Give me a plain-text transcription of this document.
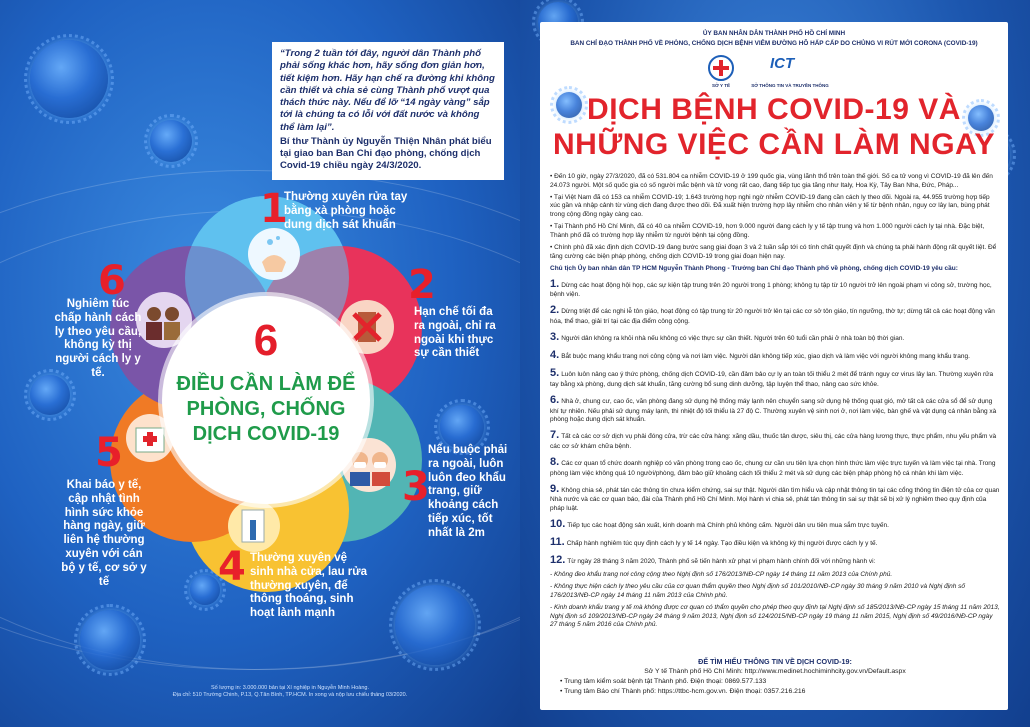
“Trong 2 tuần tới đây, người dân Thành phố phải sống khác hơn, hãy sống đơn giản hơn, tiết kiệm hơn. Hãy hạn chế ra đường khi không cần thiết và chia sẻ cùng Thành phố vượt qua thách thức này. Nếu để lỡ “14 ngày vàng” sắp tới là chúng ta có lỗi với đất nước và không thể làm lại”.
Bí thư Thành ủy Nguyễn Thiện Nhân phát biểu tại giao ban Ban Chỉ đạo phòng, chống dịch Covid-19 chiều ngày 24/3/2020.
6
ĐIỀU CẦN LÀM ĐỂ PHÒNG, CHỐNG DỊCH COVID-19
1
Thường xuyên rửa tay bằng xà phòng hoặc dung dịch sát khuẩn
2
Hạn chế tối đa ra ngoài, chỉ ra ngoài khi thực sự cần thiết
3
Nếu buộc phải ra ngoài, luôn luôn đeo khẩu trang, giữ khoảng cách tiếp xúc, tốt nhất là 2m
4 Thường xuyên vệ sinh nhà cửa, lau rửa thường xuyên, để thông thoáng, sinh hoạt lành mạnh
5
Khai báo y tế, cập nhật tình hình sức khỏe hàng ngày, giữ liên hệ thường xuyên với cán bộ y tế, cơ sở y tế
6
Nghiêm túc chấp hành cách ly theo yêu cầu, không kỳ thị người cách ly y tế.
Số lượng in: 3.000.000 bản tại Xí nghiệp in Nguyễn Minh Hoàng.
Địa chỉ: 510 Trường Chinh, P.13, Q.Tân Bình, TP.HCM. In xong và nộp lưu chiểu tháng 03/2020.
ỦY BAN NHÂN DÂN THÀNH PHỐ HỒ CHÍ MINH
BAN CHỈ ĐẠO THÀNH PHỐ VỀ PHÒNG, CHỐNG DỊCH BỆNH VIÊM ĐƯỜNG HÔ HẤP CẤP DO CHỦNG VI RÚT MỚI CORONA (COVID-19)
SỞ Y TẾ
ICT
SỞ THÔNG TIN VÀ TRUYỀN THÔNG
DỊCH BỆNH COVID-19 VÀ
NHỮNG VIỆC CẦN LÀM NGAY

• Đến 10 giờ, ngày 27/3/2020, đã có 531.804 ca nhiễm COVID-19 ở 199 quốc gia, vùng lãnh thổ trên toàn thế giới. Số ca tử vong vì COVID-19 đã lên đến 24.073 người. Một số quốc gia có số người mắc bệnh và tử vong rất cao, đang tiếp tục gia tăng như Italy, Hoa Kỳ, Tây Ban Nha, Đức, Pháp...

• Tại Việt Nam đã có 153 ca nhiễm COVID-19; 1.643 trường hợp nghi ngờ nhiễm COVID-19 đang cần cách ly theo dõi. Ngoài ra, 44.955 trường hợp tiếp xúc gần và nhập cảnh từ vùng dịch đang được theo dõi. Đã xuất hiện trường hợp lây nhiễm cho nhân viên y tế từ bệnh nhân, nguy cơ lây lan, bùng phát trong cộng đồng ngày càng cao.

• Tại Thành phố Hồ Chí Minh, đã có 40 ca nhiễm COVID-19, hơn 9.000 người đang cách ly y tế tập trung và hơn 1.000 người cách ly tại nhà. Đặc biệt, Thành phố đã có trường hợp lây nhiễm từ người bệnh tại cộng đồng.

• Chính phủ đã xác định dịch COVID-19 đang bước sang giai đoạn 3 và 2 tuần sắp tới có tính chất quyết định và chúng ta phải hành động rất quyết liệt. Để tăng cường các biện pháp phòng, chống dịch COVID-19 trong giai đoạn hiện nay.

Chủ tịch Ủy ban nhân dân TP HCM Nguyễn Thành Phong - Trưởng ban Chỉ đạo Thành phố về phòng, chống dịch COVID-19 yêu cầu:

1. Dừng các hoạt động hội họp, các sự kiện tập trung trên 20 người trong 1 phòng; không tụ tập từ 10 người trở lên ngoài phạm vi công sở, trường học, bệnh viện.

2. Dừng triệt để các nghi lễ tôn giáo, hoạt động có tập trung từ 20 người trở lên tại các cơ sở tôn giáo, tín ngưỡng, thờ tự; dừng tất cả các hoạt động văn hóa, thể thao, giải trí tại các địa điểm công cộng.

3. Người dân không ra khỏi nhà nếu không có việc thực sự cần thiết. Người trên 60 tuổi cần phải ở nhà toàn bộ thời gian.

4. Bắt buộc mang khẩu trang nơi công cộng và nơi làm việc. Người dân không tiếp xúc, giao dịch và làm việc với người không mang khẩu trang.

5. Luôn luôn nâng cao ý thức phòng, chống dịch COVID-19, cần đảm bảo cự ly an toàn tối thiểu 2 mét để tránh nguy cơ virus lây lan. Thường xuyên rửa tay bằng xà phòng, dung dịch sát khuẩn, tăng cường bổ sung dinh dưỡng, tập luyện thể thao, nâng cao sức khỏe.

6. Nhà ở, chung cư, cao ốc, văn phòng đang sử dụng hệ thống máy lạnh nên chuyển sang sử dụng hệ thống quạt gió, mở tất cả các cửa sổ để sử dụng khí tự nhiên. Nếu phải sử dụng máy lạnh, thì nhiệt độ tối thiểu là 27 độ C. Thường xuyên vệ sinh nơi ở, nơi làm việc, bàn ghế và vật dụng cá nhân bằng xà phòng hoặc dung dịch sát khuẩn.

7. Tất cả các cơ sở dịch vụ phải đóng cửa, trừ các cửa hàng: xăng dầu, thuốc tân dược, siêu thị, các cửa hàng lương thực, thực phẩm, nhu yếu phẩm và các cơ sở khám chữa bệnh.

8. Các cơ quan tổ chức doanh nghiệp có văn phòng trong cao ốc, chung cư cần ưu tiên lựa chọn hình thức làm việc trực tuyến và làm việc tại nhà. Trong phòng làm việc không quá 10 người/phòng, đảm bảo giữ khoảng cách tối thiểu 2 mét và sử dụng các biện pháp phòng hộ cá nhân khi làm việc.

9. Không chia sẻ, phát tán các thông tin chưa kiểm chứng, sai sự thật. Người dân tìm hiểu và cập nhật thông tin tại các cổng thông tin điện tử của cơ quan Nhà nước và các cơ quan báo, đài của Thành phố Hồ Chí Minh. Mọi hành vi chia sẻ, phát tán thông tin sai sự thật sẽ bị xử lý nghiêm theo quy định của pháp luật.

10. Tiếp tục các hoạt động sản xuất, kinh doanh mà Chính phủ không cấm. Người dân ưu tiên mua sắm trực tuyến.

11. Chấp hành nghiêm túc quy định cách ly y tế 14 ngày. Tạo điều kiện và không kỳ thị người được cách ly y tế.

12. Từ ngày 28 tháng 3 năm 2020, Thành phố sẽ tiến hành xử phạt vi phạm hành chính đối với những hành vi:

- Không đeo khẩu trang nơi công cộng theo Nghị định số 176/2013/NĐ-CP ngày 14 tháng 11 năm 2013 của Chính phủ.

- Không thực hiện cách ly theo yêu cầu của cơ quan thẩm quyền theo Nghị định số 101/2010/NĐ-CP ngày 30 tháng 9 năm 2010 và Nghị định số 176/2013/NĐ-CP ngày 14 tháng 11 năm 2013 của Chính phủ.

- Kinh doanh khẩu trang y tế mà không được cơ quan có thẩm quyền cho phép theo quy định tại Nghị định số 185/2013/NĐ-CP ngày 15 tháng 11 năm 2013, Nghị định số 109/2013/NĐ-CP ngày 24 tháng 9 năm 2013, Nghị định số 124/2015/NĐ-CP ngày 19 tháng 11 năm 2015, Nghị định số 49/2016/NĐ-CP ngày 27 tháng 5 năm 2016 của Chính phủ.

ĐỂ TÌM HIỂU THÔNG TIN VỀ DỊCH COVID-19:
Sở Y tế Thành phố Hồ Chí Minh: http://www.medinet.hochiminhcity.gov.vn/Default.aspx
• Trung tâm kiểm soát bệnh tật Thành phố. Điện thoại: 0869.577.133
• Trung tâm Báo chí Thành phố: https://ttbc-hcm.gov.vn. Điện thoại: 0357.216.216
